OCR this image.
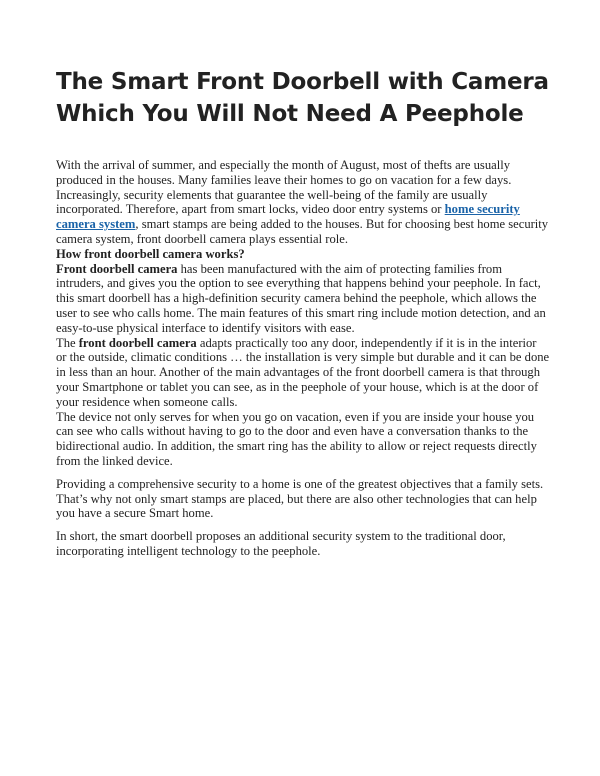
The Smart Front Doorbell with Camera Which You Will Not Need A Peephole

With the arrival of summer, and especially the month of August, most of thefts are usually produced in the houses. Many families leave their homes to go on vacation for a few days. Increasingly, security elements that guarantee the well-being of the family are usually incorporated. Therefore, apart from smart locks, video door entry systems or home security camera system, smart stamps are being added to the houses. But for choosing best home security camera system, front doorbell camera plays essential role.

How front doorbell camera works?

Front doorbell camera has been manufactured with the aim of protecting families from intruders, and gives you the option to see everything that happens behind your peephole. In fact, this smart doorbell has a high-definition security camera behind the peephole, which allows the user to see who calls home. The main features of this smart ring include motion detection, and an easy-to-use physical interface to identify visitors with ease.

The front doorbell camera adapts practically too any door, independently if it is in the interior or the outside, climatic conditions … the installation is very simple but durable and it can be done in less than an hour. Another of the main advantages of the front doorbell camera is that through your Smartphone or tablet you can see, as in the peephole of your house, which is at the door of your residence when someone calls.

The device not only serves for when you go on vacation, even if you are inside your house you can see who calls without having to go to the door and even have a conversation thanks to the bidirectional audio. In addition, the smart ring has the ability to allow or reject requests directly from the linked device.

Providing a comprehensive security to a home is one of the greatest objectives that a family sets. That’s why not only smart stamps are placed, but there are also other technologies that can help you have a secure Smart home.

In short, the smart doorbell proposes an additional security system to the traditional door, incorporating intelligent technology to the peephole.
